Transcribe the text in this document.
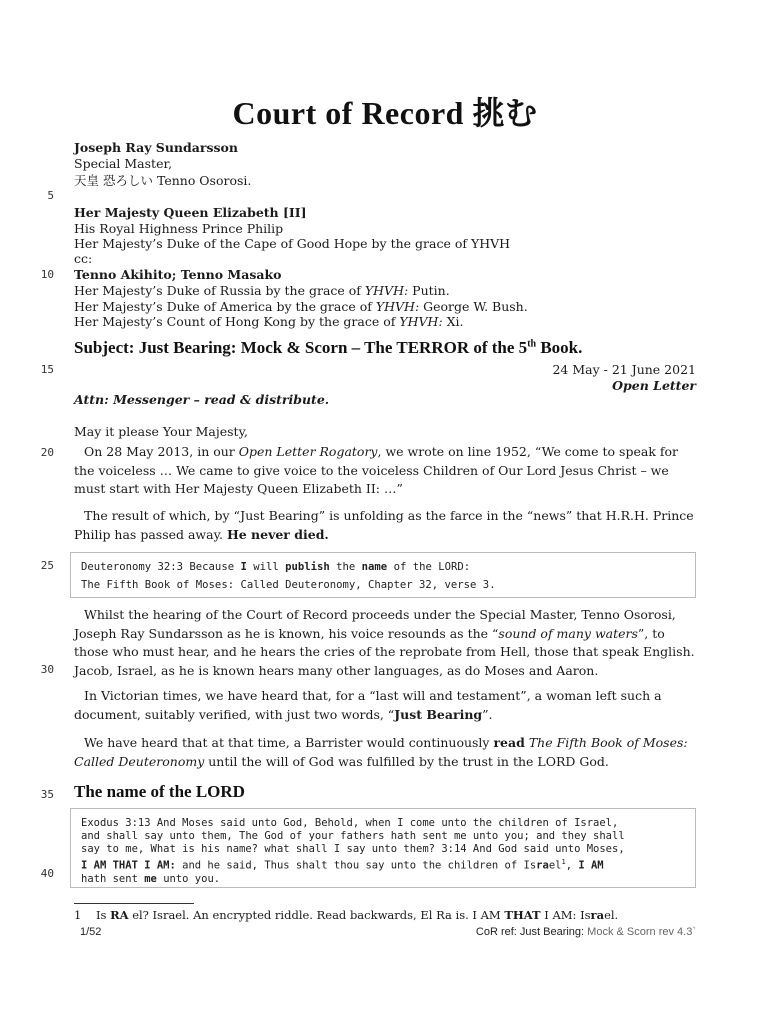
Court of Record 挑む
5
10
15
20
25
30
35
40
Joseph Ray Sundarsson
Special Master,
天皇 恐ろしい Tenno Osorosi.
Her Majesty Queen Elizabeth [II]
His Royal Highness Prince Philip
Her Majesty’s Duke of the Cape of Good Hope by the grace of YHVH
cc:
Tenno Akihito; Tenno Masako
Her Majesty’s Duke of Russia by the grace of YHVH: Putin.
Her Majesty’s Duke of America by the grace of YHVH: George W. Bush.
Her Majesty’s Count of Hong Kong by the grace of YHVH: Xi.
Subject: Just Bearing: Mock & Scorn – The TERROR of the 5th Book.
24 May - 21 June 2021
Open Letter
Attn: Messenger – read & distribute.
May it please Your Majesty,

On 28 May 2013, in our Open Letter Rogatory, we wrote on line 1952, “We come to speak for the voiceless … We came to give voice to the voiceless Children of Our Lord Jesus Christ – we must start with Her Majesty Queen Elizabeth II: …”

The result of which, by “Just Bearing” is unfolding as the farce in the “news” that H.R.H. Prince Philip has passed away. He never died.

Deuteronomy 32:3 Because I will publish the name of the LORD:
The Fifth Book of Moses: Called Deuteronomy, Chapter 32, verse 3.

Whilst the hearing of the Court of Record proceeds under the Special Master, Tenno Osorosi, Joseph Ray Sundarsson as he is known, his voice resounds as the “sound of many waters”, to those who must hear, and he hears the cries of the reprobate from Hell, those that speak English. Jacob, Israel, as he is known hears many other languages, as do Moses and Aaron.

In Victorian times, we have heard that, for a “last will and testament”, a woman left such a document, suitably verified, with just two words, “Just Bearing”.

We have heard that at that time, a Barrister would continuously read The Fifth Book of Moses: Called Deuteronomy until the will of God was fulfilled by the trust in the LORD God.

The name of the LORD
Exodus 3:13 And Moses said unto God, Behold, when I come unto the children of Israel,
and shall say unto them, The God of your fathers hath sent me unto you; and they shall
say to me, What is his name? what shall I say unto them? 3:14 And God said unto Moses,
I AM THAT I AM: and he said, Thus shalt thou say unto the children of Israel$^1$, I AM
hath sent me unto you.
1 Is RA el? Israel. An encrypted riddle. Read backwards, El Ra is. I AM THAT I AM: Israel.
1/52	CoR ref: Just Bearing: Mock & Scorn rev 4.3`
